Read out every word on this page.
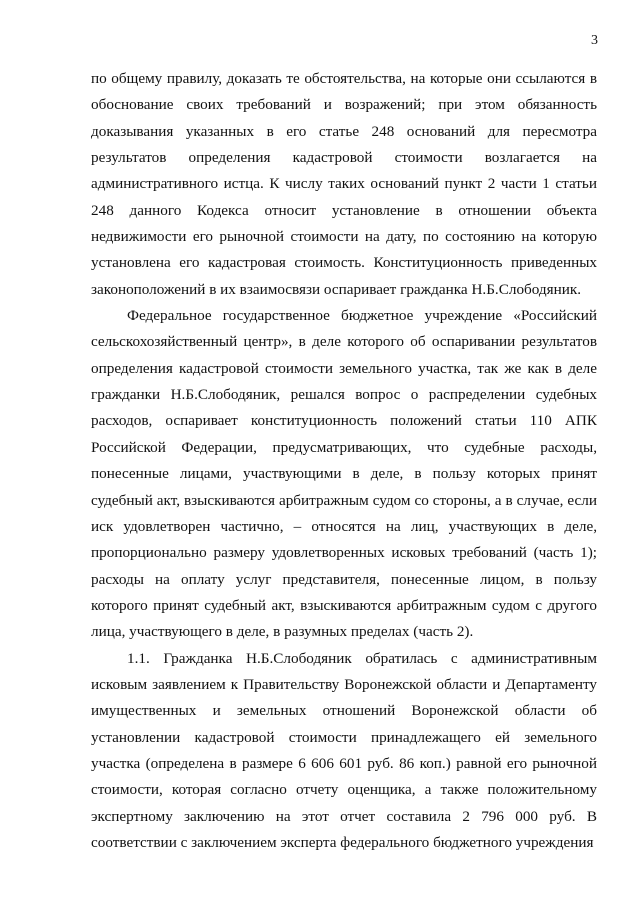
3

по общему правилу, доказать те обстоятельства, на которые они ссылаются в обоснование своих требований и возражений; при этом обязанность доказывания указанных в его статье 248 оснований для пересмотра результатов определения кадастровой стоимости возлагается на административного истца. К числу таких оснований пункт 2 части 1 статьи 248 данного Кодекса относит установление в отношении объекта недвижимости его рыночной стоимости на дату, по состоянию на которую установлена его кадастровая стоимость. Конституционность приведенных законоположений в их взаимосвязи оспаривает гражданка Н.Б.Слободяник.

Федеральное государственное бюджетное учреждение «Российский сельскохозяйственный центр», в деле которого об оспаривании результатов определения кадастровой стоимости земельного участка, так же как в деле гражданки Н.Б.Слободяник, решался вопрос о распределении судебных расходов, оспаривает конституционность положений статьи 110 АПК Российской Федерации, предусматривающих, что судебные расходы, понесенные лицами, участвующими в деле, в пользу которых принят судебный акт, взыскиваются арбитражным судом со стороны, а в случае, если иск удовлетворен частично, – относятся на лиц, участвующих в деле, пропорционально размеру удовлетворенных исковых требований (часть 1); расходы на оплату услуг представителя, понесенные лицом, в пользу которого принят судебный акт, взыскиваются арбитражным судом с другого лица, участвующего в деле, в разумных пределах (часть 2).

1.1. Гражданка Н.Б.Слободяник обратилась с административным исковым заявлением к Правительству Воронежской области и Департаменту имущественных и земельных отношений Воронежской области об установлении кадастровой стоимости принадлежащего ей земельного участка (определена в размере 6 606 601 руб. 86 коп.) равной его рыночной стоимости, которая согласно отчету оценщика, а также положительному экспертному заключению на этот отчет составила 2 796 000 руб. В соответствии с заключением эксперта федерального бюджетного учреждения
